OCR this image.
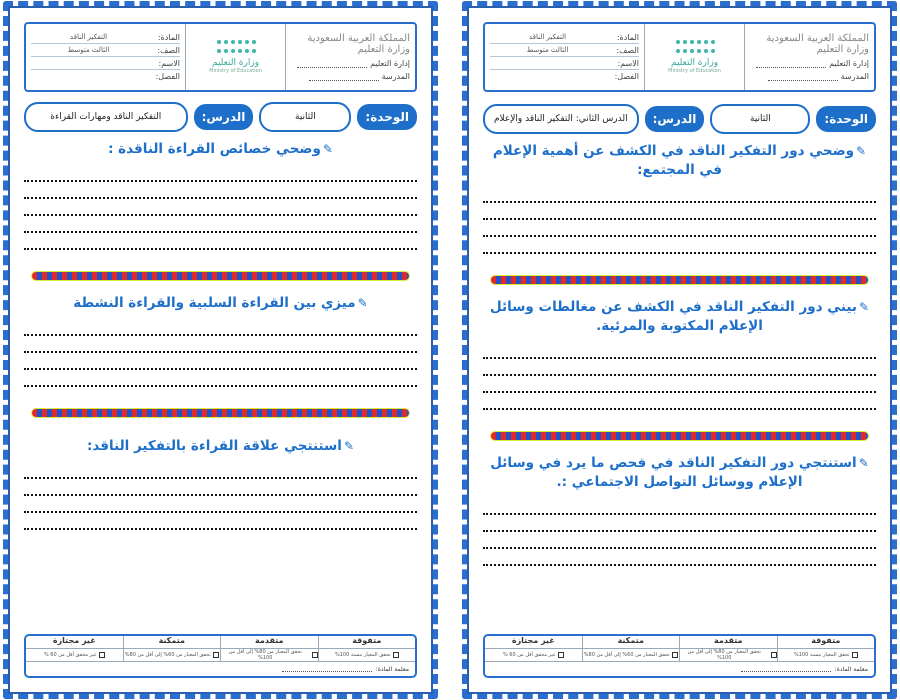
المملكة العربية السعودية
وزارة التعليم
إدارة التعليم
المدرسة
وزارة التعليم
Ministry of Education
المادة:
التفكير الناقد
الصف:
الثالث متوسط
الاسم:
الفصل:
الوحدة:
الثانية
الدرس:
التفكير الناقد ومهارات القراءة
✎وضحي خصائص القراءة الناقدة :
✎ميزي بين القراءة السلبية والقراءة النشطة
✎استنتجي علاقة القراءة بالتفكير الناقد:
متفوقة
متقدمة
متمكنة
غير مجتازة
تحقق المعيار بنسبة 100%
تحقق المعيار من 80% إلى أقل من 100%
تحقق المعيار من 60% إلى أقل من 80%
غير محقق أقل من 60 %
معلمة المادة:
المملكة العربية السعودية
وزارة التعليم
إدارة التعليم
المدرسة
وزارة التعليم
Ministry of Education
المادة:
التفكير الناقد
الصف:
الثالث متوسط
الاسم:
الفصل:
الوحدة:
الثانية
الدرس:
الدرس الثاني: التفكير الناقد والإعلام
✎وضحي دور التفكير الناقد في الكشف عن أهمية الإعلام في المجتمع:
✎بيني دور التفكير الناقد في الكشف عن مغالطات وسائل الإعلام المكتوبة والمرئية.
✎استنتجي دور التفكير الناقد في فحص ما يرد في وسائل الإعلام ووسائل التواصل الاجتماعي :.
متفوقة
متقدمة
متمكنة
غير مجتازة
تحقق المعيار بنسبة 100%
تحقق المعيار من 80% إلى أقل من 100%
تحقق المعيار من 60% إلى أقل من 80%
غير محقق أقل من 60 %
معلمة المادة:
